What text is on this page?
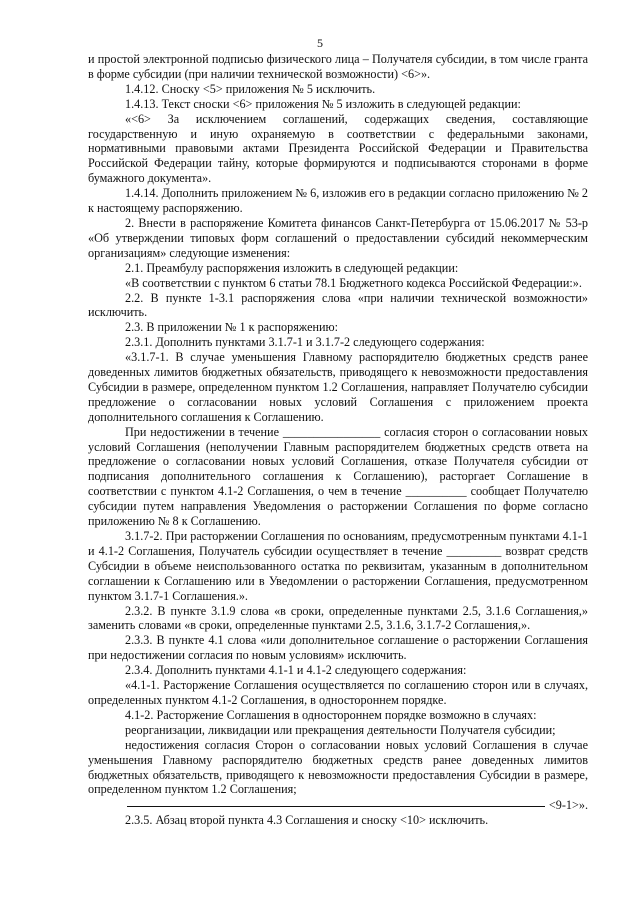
5

и простой электронной подписью физического лица – Получателя субсидии, в том числе гранта в форме субсидии (при наличии технической возможности) <6>».

1.4.12. Сноску <5> приложения № 5 исключить.

1.4.13. Текст сноски <6> приложения № 5 изложить в следующей редакции:

«<6> За исключением соглашений, содержащих сведения, составляющие государственную и иную охраняемую в соответствии с федеральными законами, нормативными правовыми актами Президента Российской Федерации и Правительства Российской Федерации тайну, которые формируются и подписываются сторонами в форме бумажного документа».

1.4.14. Дополнить приложением № 6, изложив его в редакции согласно приложению № 2 к настоящему распоряжению.

2. Внести в распоряжение Комитета финансов Санкт-Петербурга от 15.06.2017 № 53-р «Об утверждении типовых форм соглашений о предоставлении субсидий некоммерческим организациям» следующие изменения:

2.1. Преамбулу распоряжения изложить в следующей редакции:

«В соответствии с пунктом 6 статьи 78.1 Бюджетного кодекса Российской Федерации:».

2.2. В пункте 1-3.1 распоряжения слова «при наличии технической возможности» исключить.

2.3. В приложении № 1 к распоряжению:

2.3.1. Дополнить пунктами 3.1.7-1 и 3.1.7-2 следующего содержания:

«3.1.7-1. В случае уменьшения Главному распорядителю бюджетных средств ранее доведенных лимитов бюджетных обязательств, приводящего к невозможности предоставления Субсидии в размере, определенном пунктом 1.2 Соглашения, направляет Получателю субсидии предложение о согласовании новых условий Соглашения с приложением проекта дополнительного соглашения к Соглашению.

При недостижении в течение ________________ согласия сторон о согласовании новых условий Соглашения (неполучении Главным распорядителем бюджетных средств ответа на предложение о согласовании новых условий Соглашения, отказе Получателя субсидии от подписания дополнительного соглашения к Соглашению), расторгает Соглашение в соответствии с пунктом 4.1-2 Соглашения, о чем в течение __________ сообщает Получателю субсидии путем направления Уведомления о расторжении Соглашения по форме согласно приложению № 8 к Соглашению.

3.1.7-2. При расторжении Соглашения по основаниям, предусмотренным пунктами 4.1-1 и 4.1-2 Соглашения, Получатель субсидии осуществляет в течение _________ возврат средств Субсидии в объеме неиспользованного остатка по реквизитам, указанным в дополнительном соглашении к Соглашению или в Уведомлении о расторжении Соглашения, предусмотренном пунктом 3.1.7-1 Соглашения.».

2.3.2. В пункте 3.1.9 слова «в сроки, определенные пунктами 2.5, 3.1.6 Соглашения,» заменить словами «в сроки, определенные пунктами 2.5, 3.1.6, 3.1.7-2 Соглашения,».

2.3.3. В пункте 4.1 слова «или дополнительное соглашение о расторжении Соглашения при недостижении согласия по новым условиям» исключить.

2.3.4. Дополнить пунктами 4.1-1 и 4.1-2 следующего содержания:

«4.1-1. Расторжение Соглашения осуществляется по соглашению сторон или в случаях, определенных пунктом 4.1-2 Соглашения, в одностороннем порядке.

4.1-2. Расторжение Соглашения в одностороннем порядке возможно в случаях:

реорганизации, ликвидации или прекращения деятельности Получателя субсидии;

недостижения согласия Сторон о согласовании новых условий Соглашения в случае уменьшения Главному распорядителю бюджетных средств ранее доведенных лимитов бюджетных обязательств, приводящего к невозможности предоставления Субсидии в размере, определенном пунктом 1.2 Соглашения;

<9-1>».

2.3.5. Абзац второй пункта 4.3 Соглашения и сноску <10> исключить.
